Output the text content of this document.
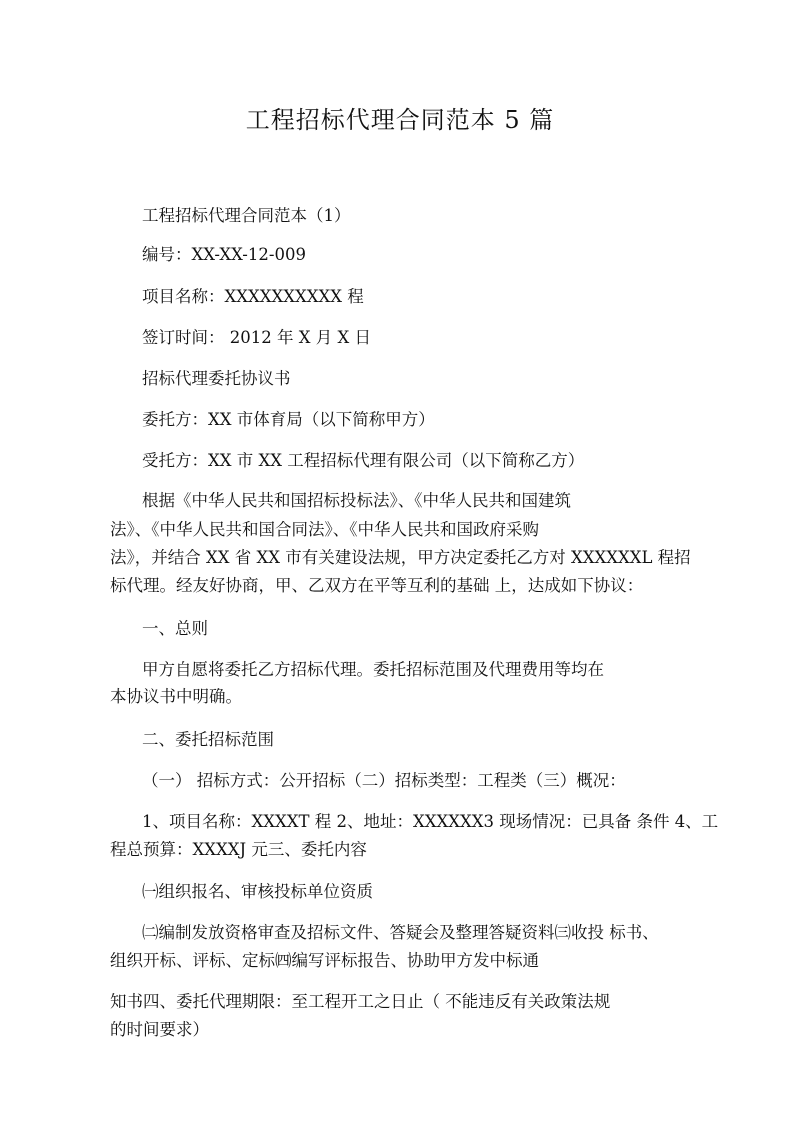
工程招标代理合同范本 5 篇

工程招标代理合同范本（1）

编号：XX-XX-12-009

项目名称：XXXXXXXXXX 程

签订时间： 2012 年 X 月 X 日

招标代理委托协议书

委托方：XX 市体育局（以下简称甲方）

受托方：XX 市 XX 工程招标代理有限公司（以下简称乙方）

根据《中华人民共和国招标投标法》、《中华人民共和国建筑

法》、《中华人民共和国合同法》、《中华人民共和国政府采购

法》，并结合 XX 省 XX 市有关建设法规，甲方决定委托乙方对 XXXXXXL 程招

标代理。经友好协商，甲、乙双方在平等互利的基础 上，达成如下协议：

一、总则

甲方自愿将委托乙方招标代理。委托招标范围及代理费用等均在

本协议书中明确。

二、委托招标范围

（一） 招标方式：公开招标（二）招标类型：工程类（三）概况：

1、项目名称：XXXXT 程 2、地址：XXXXXX3 现场情况：已具备 条件 4、工

程总预算：XXXXJ 元三、委托内容

㈠组织报名、审核投标单位资质

㈡编制发放资格审查及招标文件、答疑会及整理答疑资料㈢收投 标书、

组织开标、评标、定标㈣编写评标报告、协助甲方发中标通

知书四、委托代理期限：至工程开工之日止（ 不能违反有关政策法规

的时间要求）
